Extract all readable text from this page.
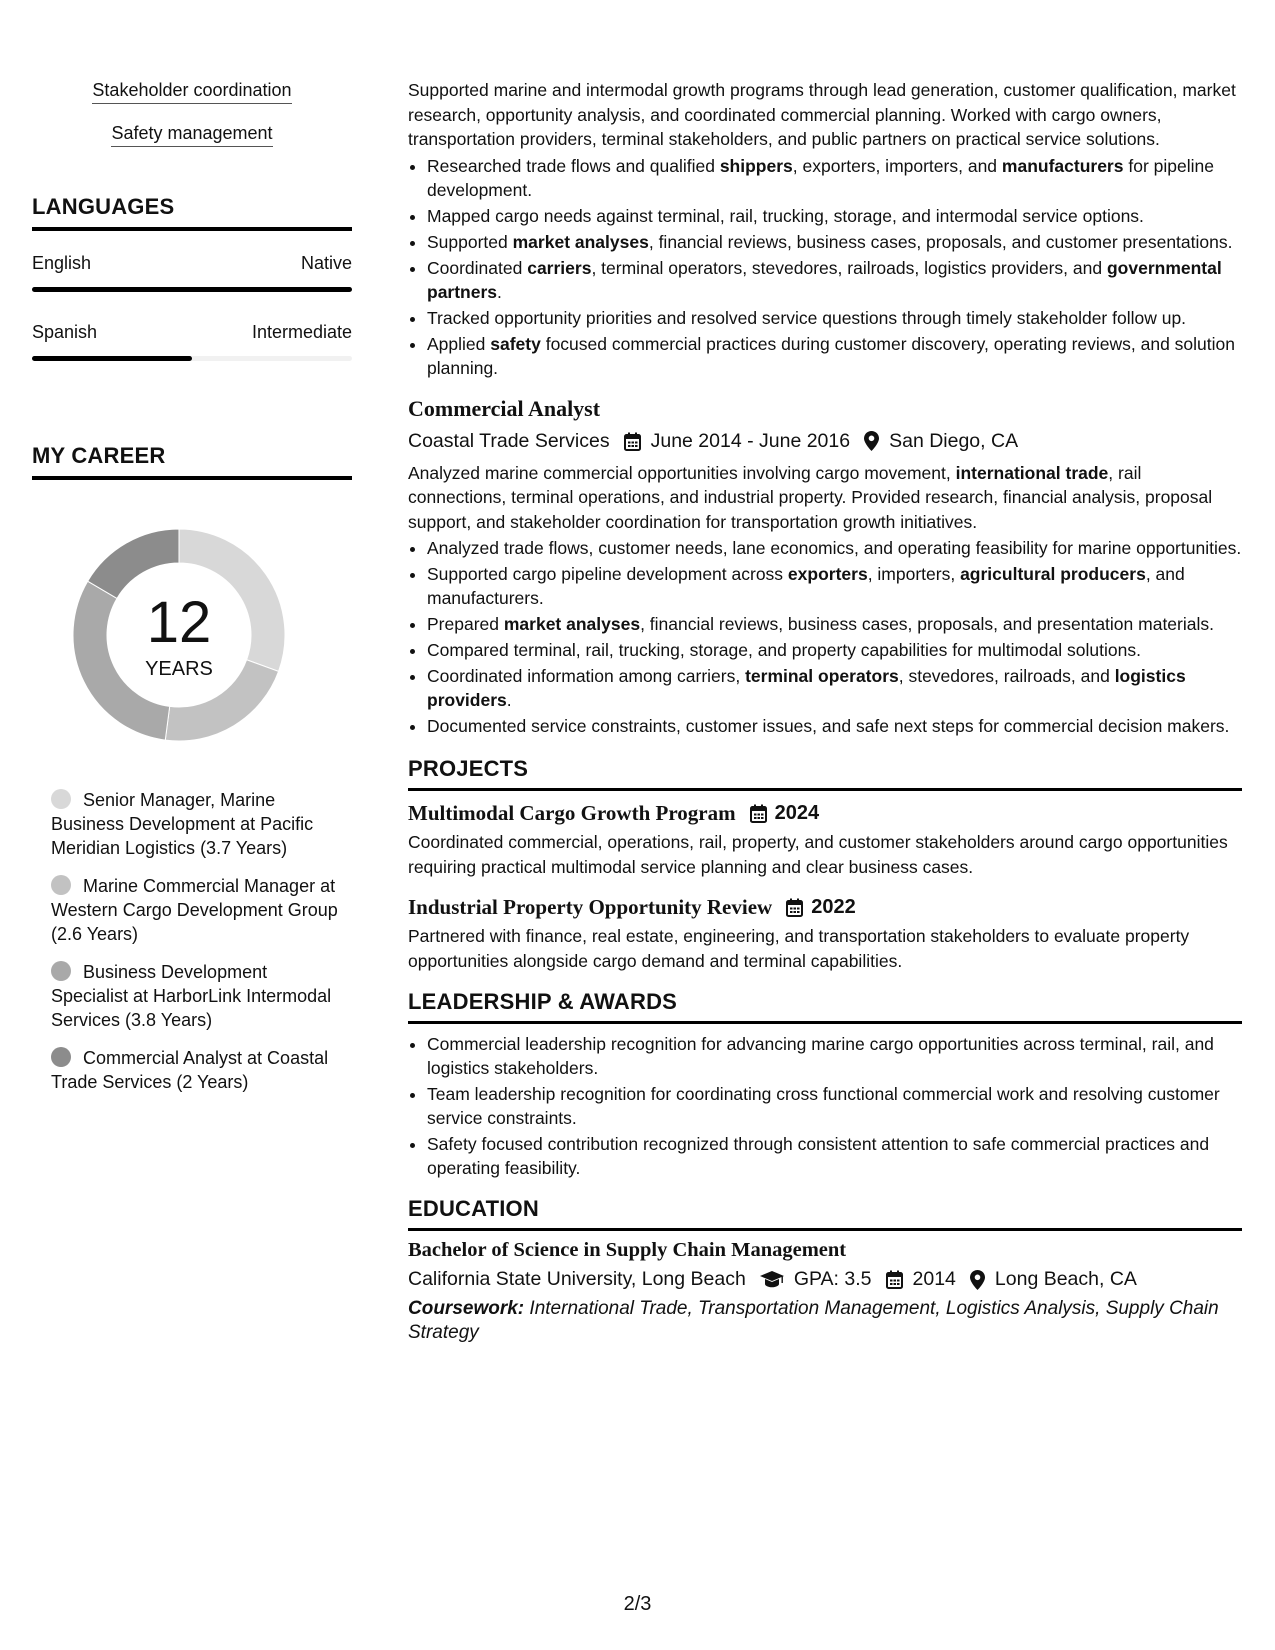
Stakeholder coordination
Safety management
LANGUAGES
English	Native
Spanish	Intermediate
MY CAREER
12
YEARS
Senior Manager, Marine Business Development at Pacific Meridian Logistics (3.7 Years)
Marine Commercial Manager at Western Cargo Development Group (2.6 Years)
Business Development Specialist at HarborLink Intermodal Services (3.8 Years)
Commercial Analyst at Coastal Trade Services (2 Years)

Supported marine and intermodal growth programs through lead generation, customer qualification, market research, opportunity analysis, and coordinated commercial planning. Worked with cargo owners, transportation providers, terminal stakeholders, and public partners on practical service solutions.

• Researched trade flows and qualified shippers, exporters, importers, and manufacturers for pipeline development.
• Mapped cargo needs against terminal, rail, trucking, storage, and intermodal service options.
• Supported market analyses, financial reviews, business cases, proposals, and customer presentations.
• Coordinated carriers, terminal operators, stevedores, railroads, logistics providers, and governmental partners.
• Tracked opportunity priorities and resolved service questions through timely stakeholder follow up.
• Applied safety focused commercial practices during customer discovery, operating reviews, and solution planning.
Commercial Analyst
Coastal Trade Services June 2014 - June 2016 San Diego, CA

Analyzed marine commercial opportunities involving cargo movement, international trade, rail connections, terminal operations, and industrial property. Provided research, financial analysis, proposal support, and stakeholder coordination for transportation growth initiatives.

• Analyzed trade flows, customer needs, lane economics, and operating feasibility for marine opportunities.
• Supported cargo pipeline development across exporters, importers, agricultural producers, and manufacturers.
• Prepared market analyses, financial reviews, business cases, proposals, and presentation materials.
• Compared terminal, rail, trucking, storage, and property capabilities for multimodal solutions.
• Coordinated information among carriers, terminal operators, stevedores, railroads, and logistics providers.
• Documented service constraints, customer issues, and safe next steps for commercial decision makers.
PROJECTS
Multimodal Cargo Growth Program 2024

Coordinated commercial, operations, rail, property, and customer stakeholders around cargo opportunities requiring practical multimodal service planning and clear business cases.

Industrial Property Opportunity Review 2022

Partnered with finance, real estate, engineering, and transportation stakeholders to evaluate property opportunities alongside cargo demand and terminal capabilities.

LEADERSHIP & AWARDS
• Commercial leadership recognition for advancing marine cargo opportunities across terminal, rail, and logistics stakeholders.
• Team leadership recognition for coordinating cross functional commercial work and resolving customer service constraints.
• Safety focused contribution recognized through consistent attention to safe commercial practices and operating feasibility.
EDUCATION
Bachelor of Science in Supply Chain Management
California State University, Long Beach GPA: 3.5 2014 Long Beach, CA
Coursework: International Trade, Transportation Management, Logistics Analysis, Supply Chain Strategy
2/3
